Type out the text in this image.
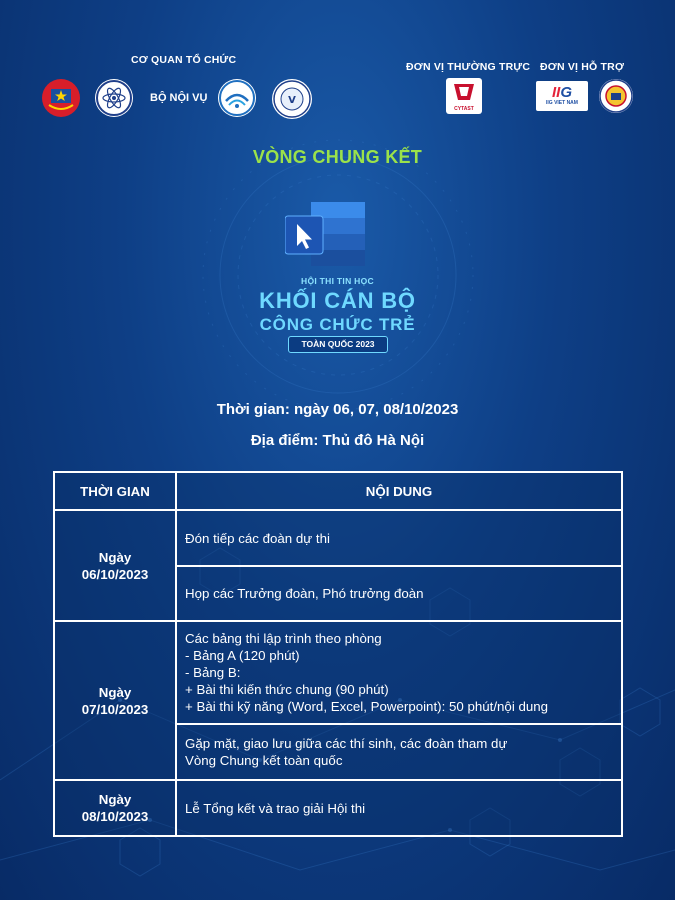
CƠ QUAN TỔ CHỨC
BỘ NỘI VỤ	V
ĐƠN VỊ THƯỜNG TRỰC
CYTAST
ĐƠN VỊ HỖ TRỢ
IIG
IIG VIET NAM
VÒNG CHUNG KẾT
HỘI THI TIN HỌC
KHỐI CÁN BỘ
CÔNG CHỨC TRẺ
TOÀN QUỐC 2023
Thời gian: ngày 06, 07, 08/10/2023
Địa điểm: Thủ đô Hà Nội
THỜI GIAN	NỘI DUNG

Ngày
06/10/2023	Đón tiếp các đoàn dự thi
	Họp các Trưởng đoàn, Phó trưởng đoàn

Ngày
07/10/2023	Các bảng thi lập trình theo phòng
- Bảng A (120 phút)
- Bảng B:
+ Bài thi kiến thức chung (90 phút)
+ Bài thi kỹ năng (Word, Excel, Powerpoint): 50 phút/nội dung

	Gặp mặt, giao lưu giữa các thí sinh, các đoàn tham dự
Vòng Chung kết toàn quốc

Ngày
08/10/2023	Lễ Tổng kết và trao giải Hội thi
